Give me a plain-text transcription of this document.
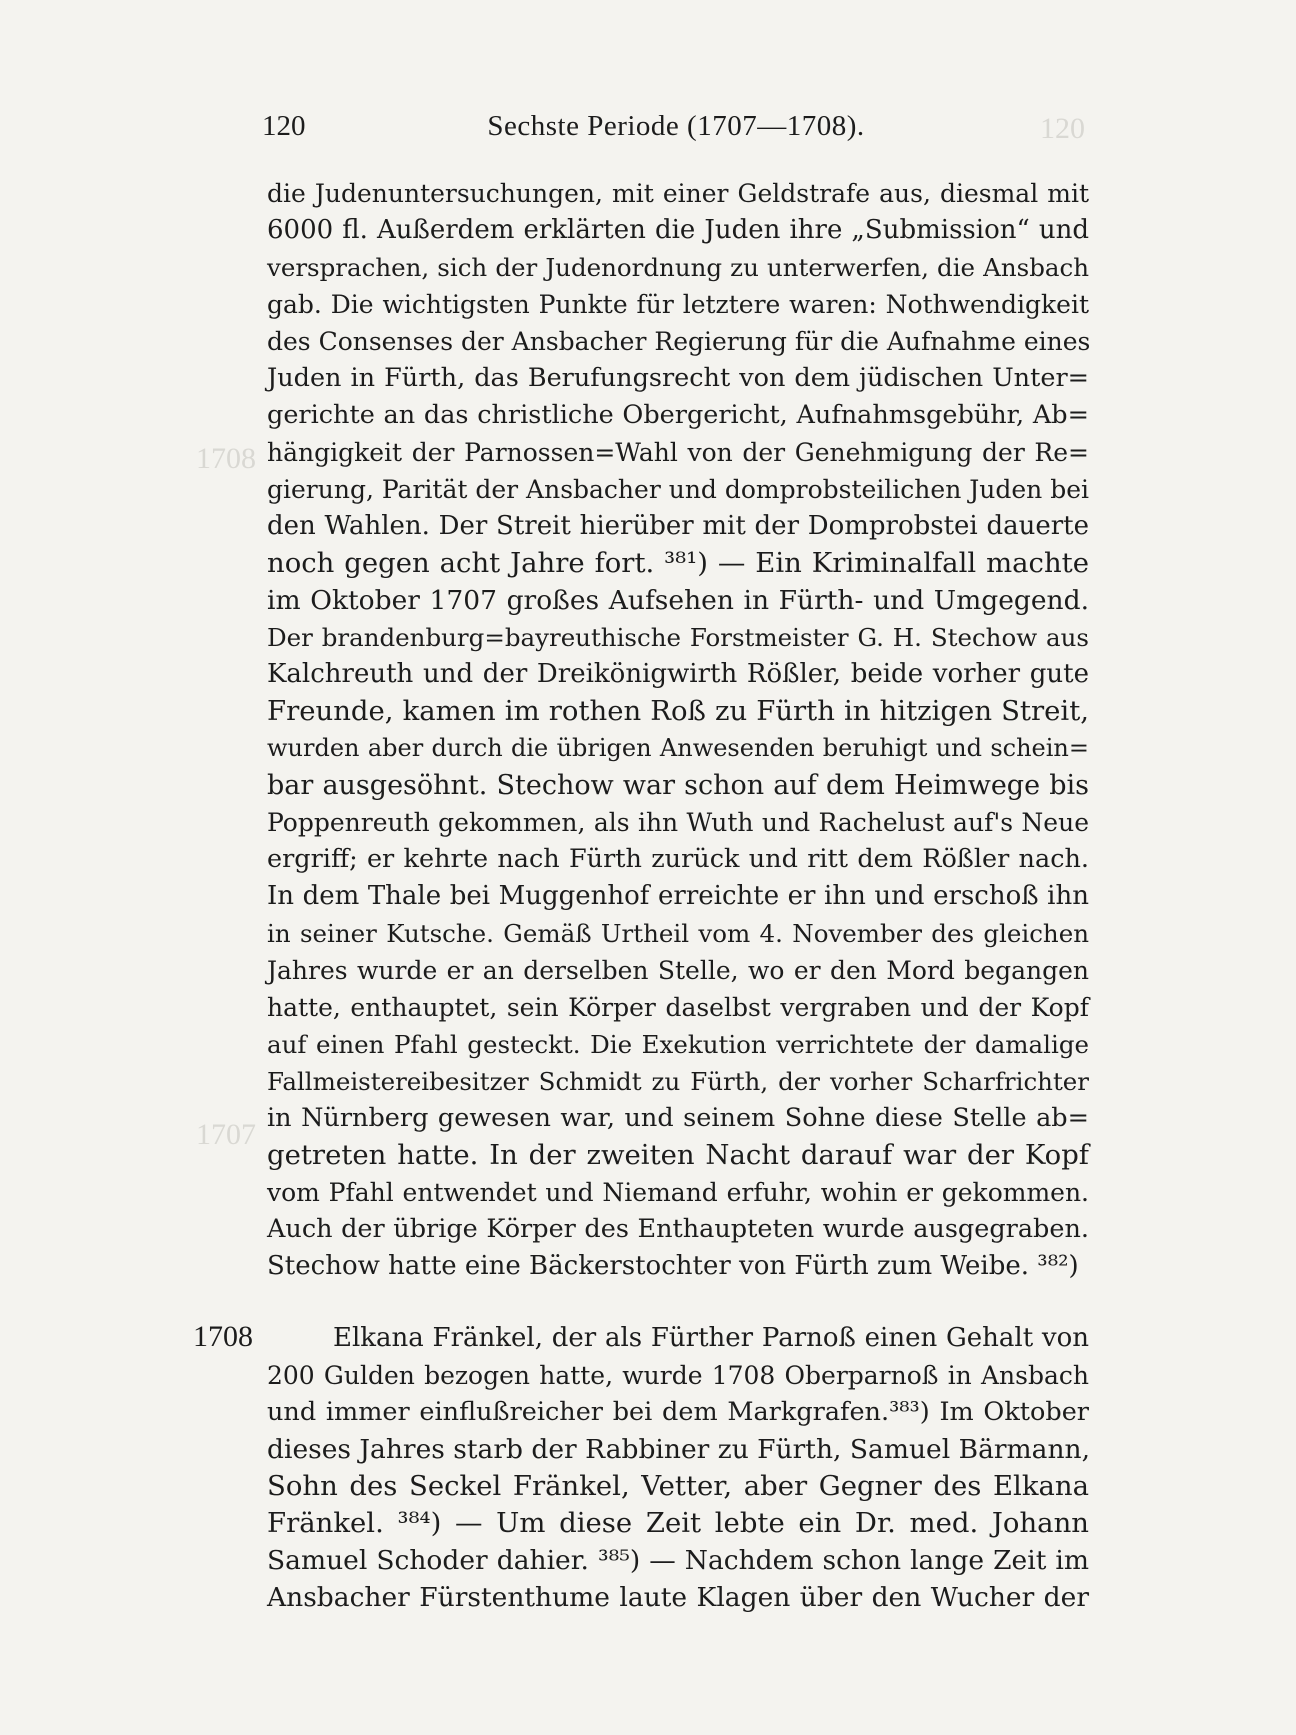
120
1708
1707
120	Sechste Periode (1707—1708).
1708
die Judenuntersuchungen, mit einer Geldstrafe aus, diesmal mit
6000 fl. Außerdem erklärten die Juden ihre „Submission“ und
versprachen, sich der Judenordnung zu unterwerfen, die Ansbach
gab. Die wichtigsten Punkte für letztere waren: Nothwendigkeit
des Consenses der Ansbacher Regierung für die Aufnahme eines
Juden in Fürth, das Berufungsrecht von dem jüdischen Unter=
gerichte an das christliche Obergericht, Aufnahmsgebühr, Ab=
hängigkeit der Parnossen=Wahl von der Genehmigung der Re=
gierung, Parität der Ansbacher und domprobsteilichen Juden bei
den Wahlen. Der Streit hierüber mit der Domprobstei dauerte
noch gegen acht Jahre fort. ³⁸¹) — Ein Kriminalfall machte
im Oktober 1707 großes Aufsehen in Fürth- und Umgegend.
Der brandenburg=bayreuthische Forstmeister G. H. Stechow aus
Kalchreuth und der Dreikönigwirth Rößler, beide vorher gute
Freunde, kamen im rothen Roß zu Fürth in hitzigen Streit,
wurden aber durch die übrigen Anwesenden beruhigt und schein=
bar ausgesöhnt. Stechow war schon auf dem Heimwege bis
Poppenreuth gekommen, als ihn Wuth und Rachelust auf's Neue
ergriff; er kehrte nach Fürth zurück und ritt dem Rößler nach.
In dem Thale bei Muggenhof erreichte er ihn und erschoß ihn
in seiner Kutsche. Gemäß Urtheil vom 4. November des gleichen
Jahres wurde er an derselben Stelle, wo er den Mord begangen
hatte, enthauptet, sein Körper daselbst vergraben und der Kopf
auf einen Pfahl gesteckt. Die Exekution verrichtete der damalige
Fallmeistereibesitzer Schmidt zu Fürth, der vorher Scharfrichter
in Nürnberg gewesen war, und seinem Sohne diese Stelle ab=
getreten hatte. In der zweiten Nacht darauf war der Kopf
vom Pfahl entwendet und Niemand erfuhr, wohin er gekommen.
Auch der übrige Körper des Enthaupteten wurde ausgegraben.
Stechow hatte eine Bäckerstochter von Fürth zum Weibe. ³⁸²)
Elkana Fränkel, der als Fürther Parnoß einen Gehalt von
200 Gulden bezogen hatte, wurde 1708 Oberparnoß in Ansbach
und immer einflußreicher bei dem Markgrafen.³⁸³) Im Oktober
dieses Jahres starb der Rabbiner zu Fürth, Samuel Bärmann,
Sohn des Seckel Fränkel, Vetter, aber Gegner des Elkana
Fränkel. ³⁸⁴) — Um diese Zeit lebte ein Dr. med. Johann
Samuel Schoder dahier. ³⁸⁵) — Nachdem schon lange Zeit im
Ansbacher Fürstenthume laute Klagen über den Wucher der
